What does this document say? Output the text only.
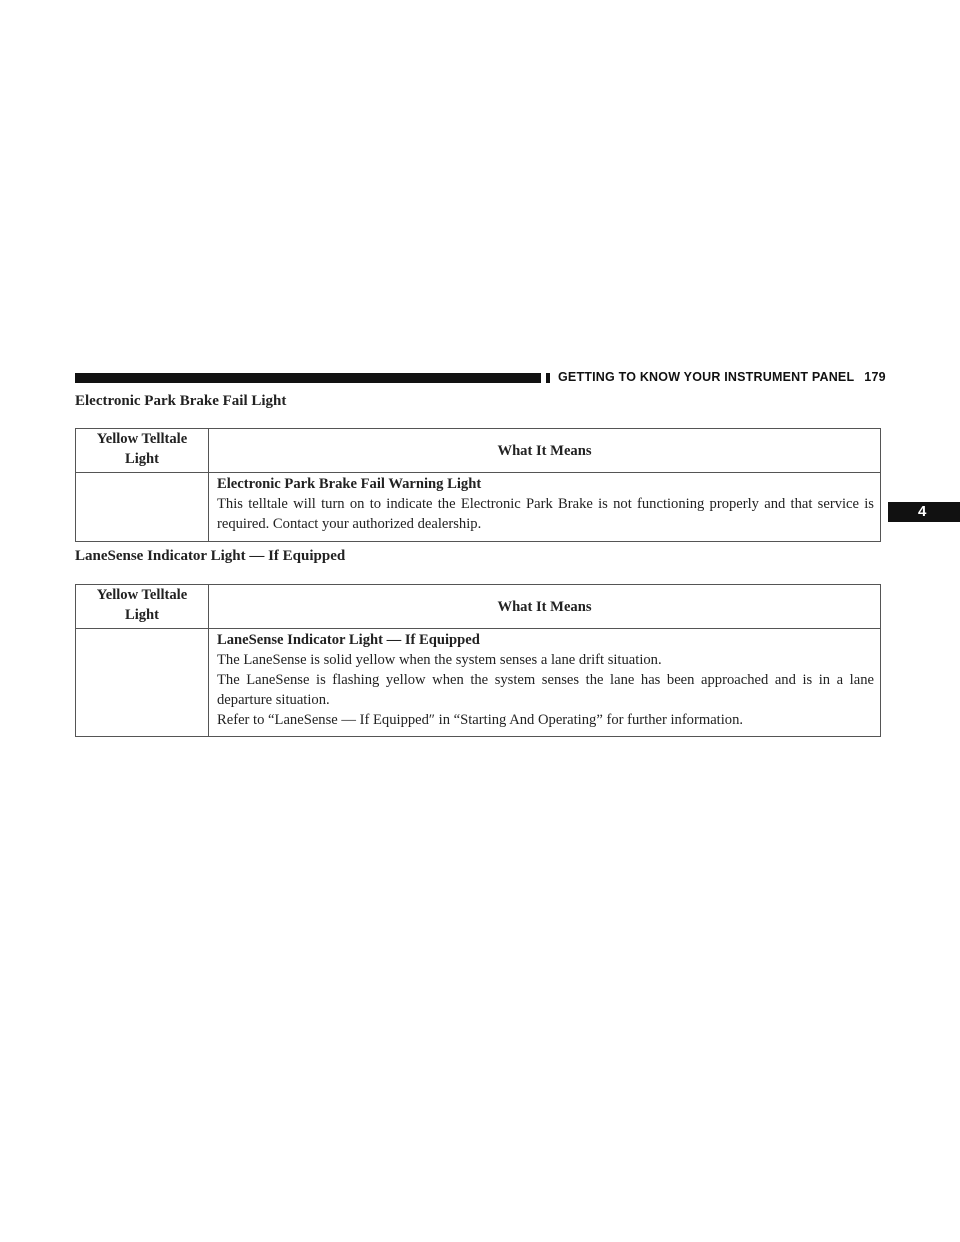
GETTING TO KNOW YOUR INSTRUMENT PANEL 179
4
Electronic Park Brake Fail Light
Yellow Telltale
Light	What It Means

	Electronic Park Brake Fail Warning Light
This telltale will turn on to indicate the Electronic Park Brake is not functioning properly and that service is required. Contact your authorized dealership.
LaneSense Indicator Light — If Equipped
Yellow Telltale
Light	What It Means

	LaneSense Indicator Light — If Equipped
The LaneSense is solid yellow when the system senses a lane drift situation.
The LaneSense is flashing yellow when the system senses the lane has been approached and is in a lane departure situation.
Refer to “LaneSense — If Equipped″ in “Starting And Operating” for further information.
